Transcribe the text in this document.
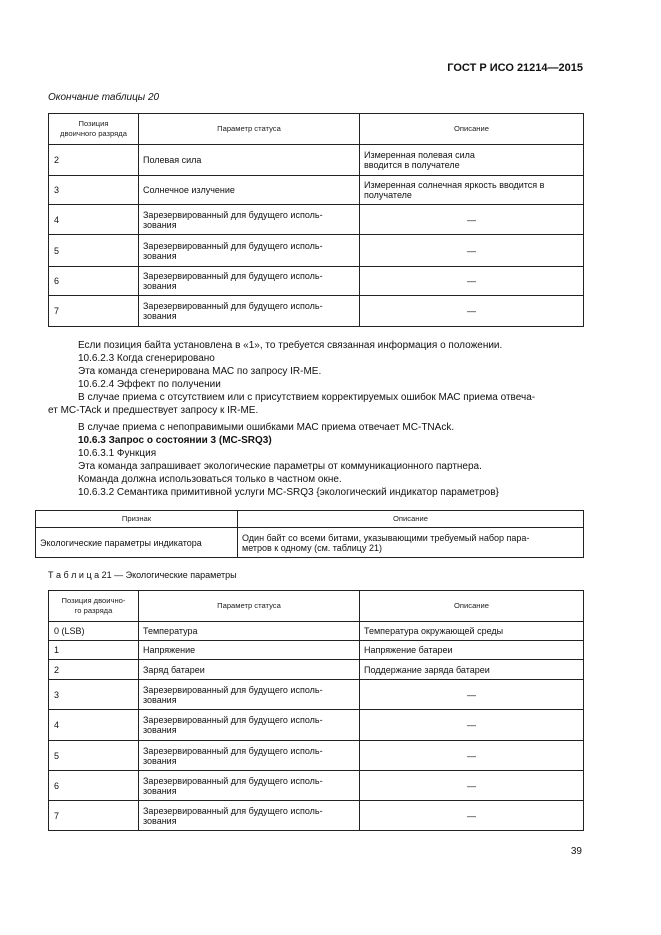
ГОСТ Р ИСО 21214—2015
Окончание таблицы 20
Позиция
двоичного разряда	Параметр статуса	Описание
2	Полевая сила	Измеренная полевая сила
вводится в получателе
3	Солнечное излучение	Измеренная солнечная яркость вводится в
получателе
4	Зарезервированный для будущего исполь-
зования	—
5	Зарезервированный для будущего исполь-
зования	—
6	Зарезервированный для будущего исполь-
зования	—
7	Зарезервированный для будущего исполь-
зования	—
Если позиция байта установлена в «1», то требуется связанная информация о положении.
10.6.2.3 Когда сгенерировано
Эта команда сгенерирована МАС по запросу IR-ME.
10.6.2.4 Эффект по получении
В случае приема с отсутствием или с присутствием корректируемых ошибок МАС приема отвеча-
ет MC-TAck и предшествует запросу к IR-ME.
В случае приема с непоправимыми ошибками МАС приема отвечает MC-TNAck.
10.6.3 Запрос о состоянии 3 (MC-SRQ3)
10.6.3.1 Функция
Эта команда запрашивает экологические параметры от коммуникационного партнера.
Команда должна использоваться только в частном окне.
10.6.3.2 Семантика примитивной услуги MC-SRQ3 {экологический индикатор параметров}
Признак	Описание
Экологические параметры индикатора	Один байт со всеми битами, указывающими требуемый набор пара-
метров к одному (см. таблицу 21)
Т а б л и ц а 21 — Экологические параметры
Позиция двоично-
го разряда	Параметр статуса	Описание
0 (LSB)	Температура	Температура окружающей среды
1	Напряжение	Напряжение батареи
2	Заряд батареи	Поддержание заряда батареи
3	Зарезервированный для будущего исполь-
зования	—
4	Зарезервированный для будущего исполь-
зования	—
5	Зарезервированный для будущего исполь-
зования	—
6	Зарезервированный для будущего исполь-
зования	—
7	Зарезервированный для будущего исполь-
зования	—
39
